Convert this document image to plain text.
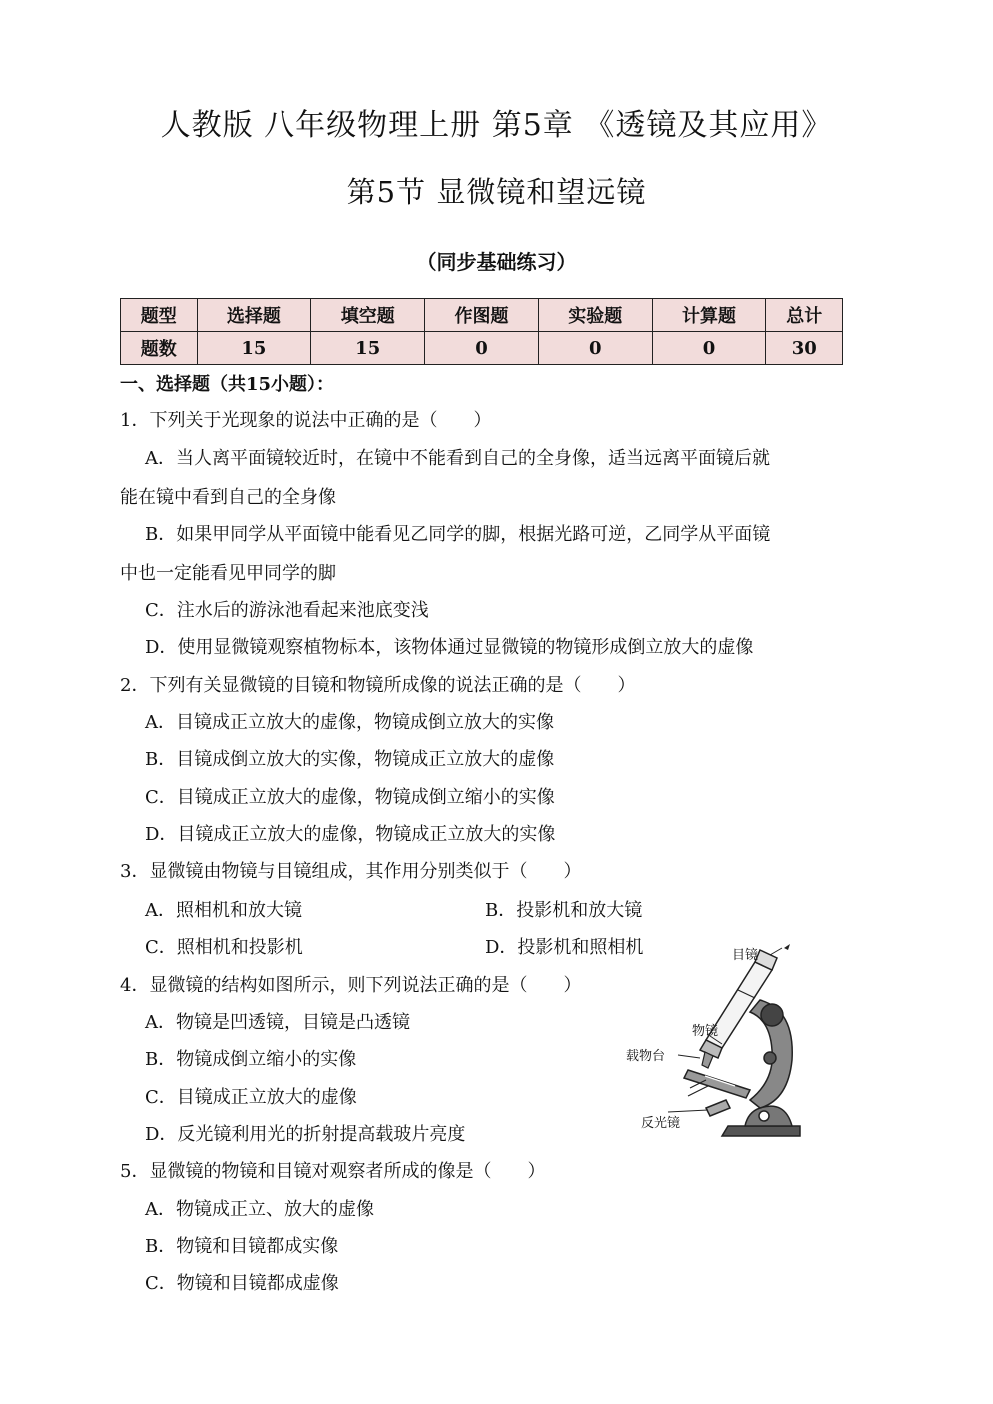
人教版 八年级物理上册 第5章 《透镜及其应用》
第5节 显微镜和望远镜
（同步基础练习）
题型	选择题	填空题	作图题	实验题	计算题	总计
题数	15	15	0	0	0	30
一、选择题（共15小题）：
1．下列关于光现象的说法中正确的是（　　）
A．当人离平面镜较近时，在镜中不能看到自己的全身像，适当远离平面镜后就
能在镜中看到自己的全身像
B．如果甲同学从平面镜中能看见乙同学的脚，根据光路可逆，乙同学从平面镜
中也一定能看见甲同学的脚
C．注水后的游泳池看起来池底变浅
D．使用显微镜观察植物标本，该物体通过显微镜的物镜形成倒立放大的虚像
2．下列有关显微镜的目镜和物镜所成像的说法正确的是（　　）
A．目镜成正立放大的虚像，物镜成倒立放大的实像
B．目镜成倒立放大的实像，物镜成正立放大的虚像
C．目镜成正立放大的虚像，物镜成倒立缩小的实像
D．目镜成正立放大的虚像，物镜成正立放大的实像
3．显微镜由物镜与目镜组成，其作用分别类似于（　　）
A．照相机和放大镜	B．投影机和放大镜
C．照相机和投影机	D．投影机和照相机
4．显微镜的结构如图所示，则下列说法正确的是（　　）
A．物镜是凹透镜，目镜是凸透镜
B．物镜成倒立缩小的实像
C．目镜成正立放大的虚像
D．反光镜利用光的折射提高载玻片亮度
5．显微镜的物镜和目镜对观察者所成的像是（　　）
A．物镜成正立、放大的虚像
B．物镜和目镜都成实像
C．物镜和目镜都成虚像
目镜
物镜
载物台
反光镜
